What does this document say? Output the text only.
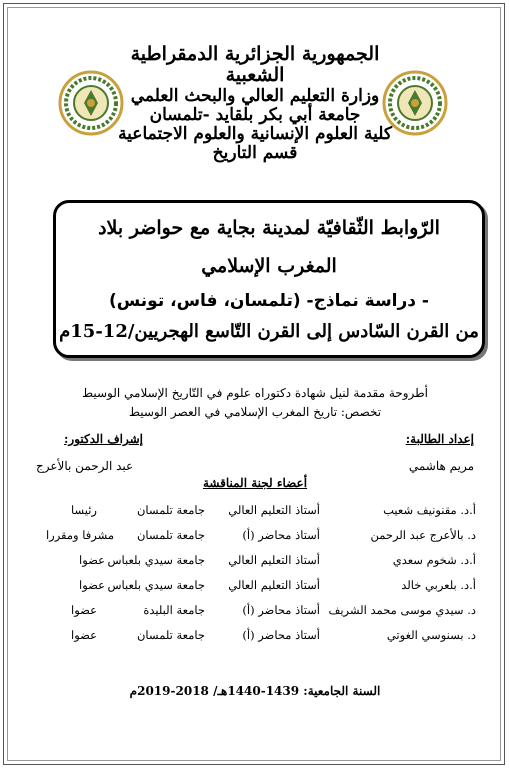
الجمهورية الجزائرية الدمقراطية الشعبية
وزارة التعليم العالي والبحث العلمي
جامعة أبي بكر بلقايد -تلمسان
كلية العلوم الإنسانية والعلوم الاجتماعية
قسم التاريخ
الرّوابط الثّقافيّة لمدينة بجاية مع حواضر بلاد
المغرب الإسلامي
- دراسة نماذج- (تلمسان، فاس، تونس)
من القرن السّادس إلى القرن التّاسع الهجريين/12-15م
أطروحة مقدمة لنيل شهادة دكتوراه علوم في التّاريخ الإسلامي الوسيط
تخصص: تاريخ المغرب الإسلامي في العصر الوسيط
إعداد الطالبة:
مريم هاشمي
إشراف الدكتور:
عبد الرحمن بالأعرج
أعضاء لجنة المناقشة
أ.د. مقنونيف شعيب
أستاذ التعليم العالي
جامعة تلمسان
رئيسا
د. بالأعرج عبد الرحمن
أستاذ محاضر (أ)
جامعة تلمسان
مشرفا ومقررا
أ.د. شخوم سعدي
أستاذ التعليم العالي
جامعة سيدي بلعباس
عضوا
أ.د. بلعربي خالد
أستاذ التعليم العالي
جامعة سيدي بلعباس
عضوا
د. سيدي موسى محمد الشريف
أستاذ محاضر (أ)
جامعة البليدة
عضوا
د. بسنوسي الغوتي
أستاذ محاضر (أ)
جامعة تلمسان
عضوا
السنة الجامعية: 1439-1440هـ/ 2018-2019م
